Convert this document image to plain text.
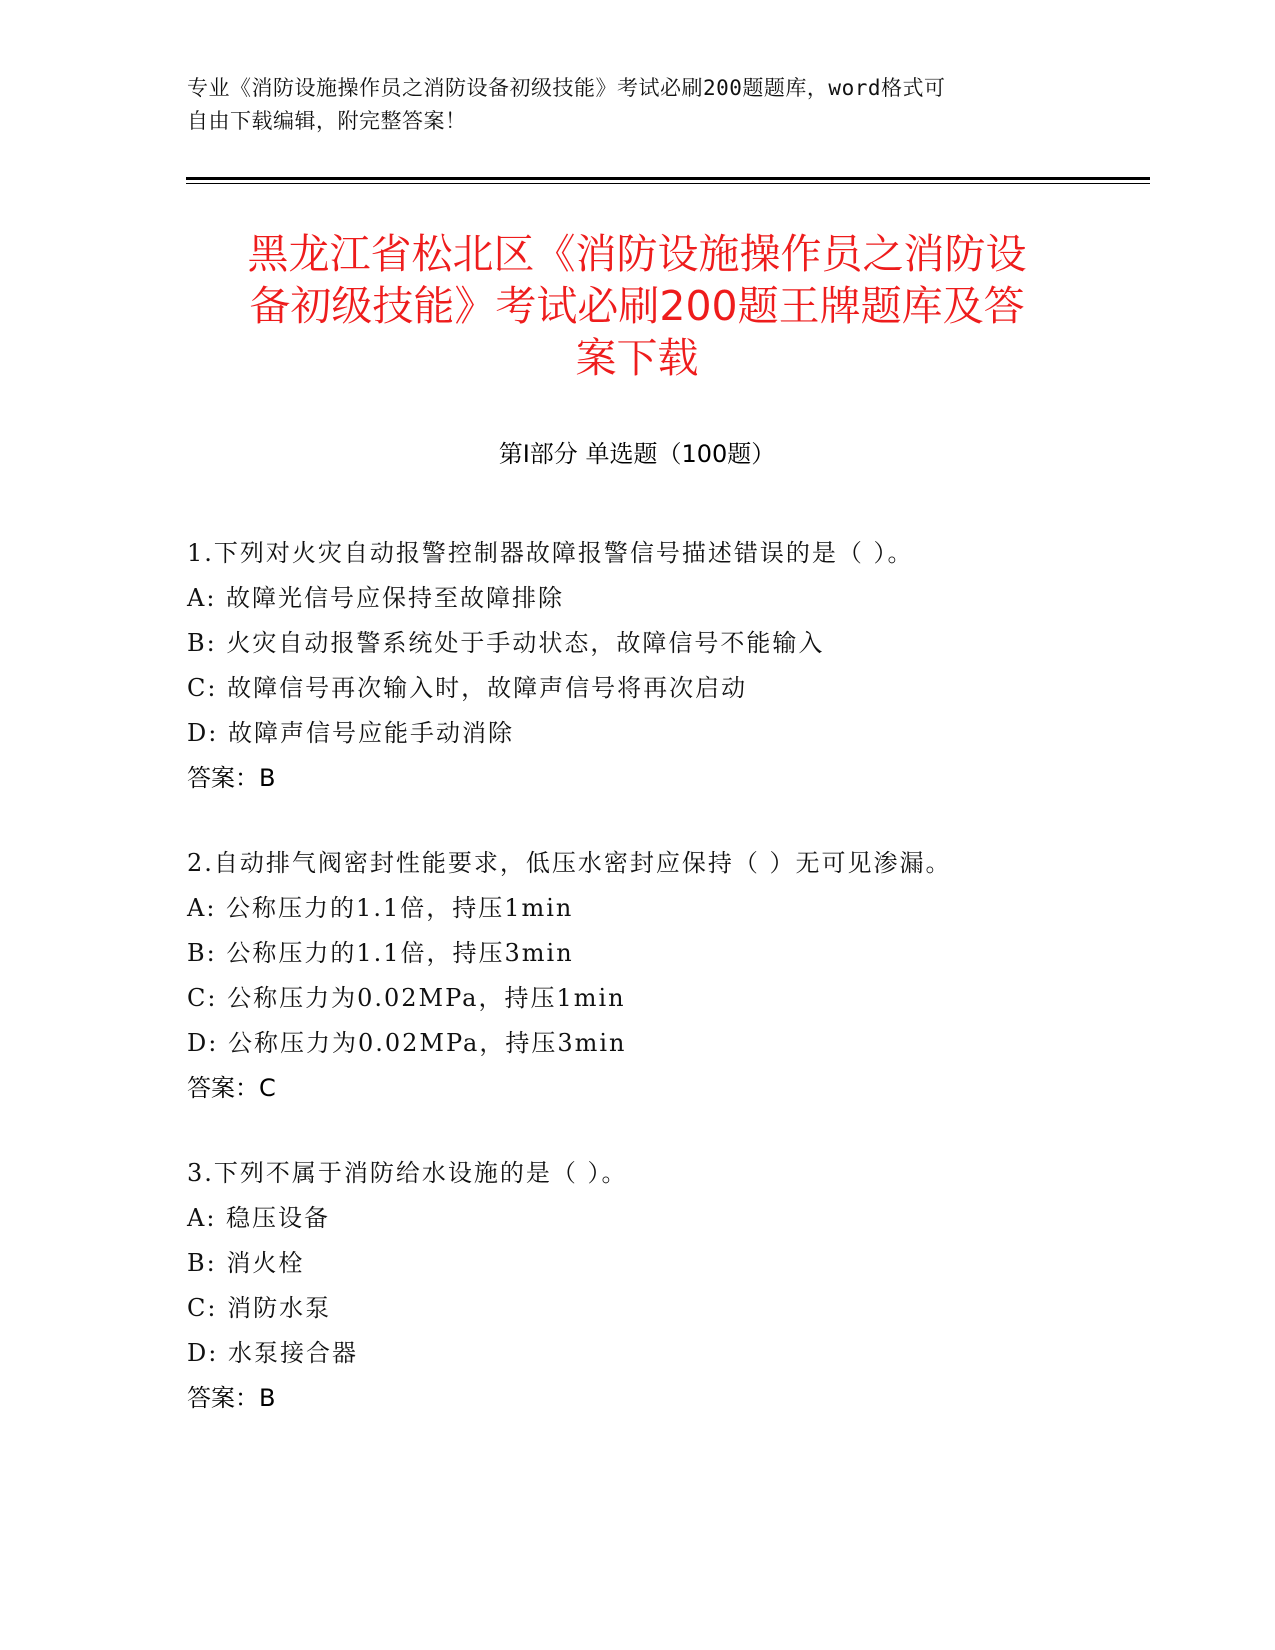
专业《消防设施操作员之消防设备初级技能》考试必刷200题题库，word格式可
自由下载编辑，附完整答案！
黑龙江省松北区《消防设施操作员之消防设
备初级技能》考试必刷200题王牌题库及答
案下载
第Ⅰ部分 单选题（100题）
1.下列对火灾自动报警控制器故障报警信号描述错误的是（ ）。
A: 故障光信号应保持至故障排除
B: 火灾自动报警系统处于手动状态，故障信号不能输入
C: 故障信号再次输入时，故障声信号将再次启动
D: 故障声信号应能手动消除
答案：B
2.自动排气阀密封性能要求，低压水密封应保持（ ）无可见渗漏。
A: 公称压力的1.1倍，持压1min
B: 公称压力的1.1倍，持压3min
C: 公称压力为0.02MPa，持压1min
D: 公称压力为0.02MPa，持压3min
答案：C
3.下列不属于消防给水设施的是（ ）。
A: 稳压设备
B: 消火栓
C: 消防水泵
D: 水泵接合器
答案：B
